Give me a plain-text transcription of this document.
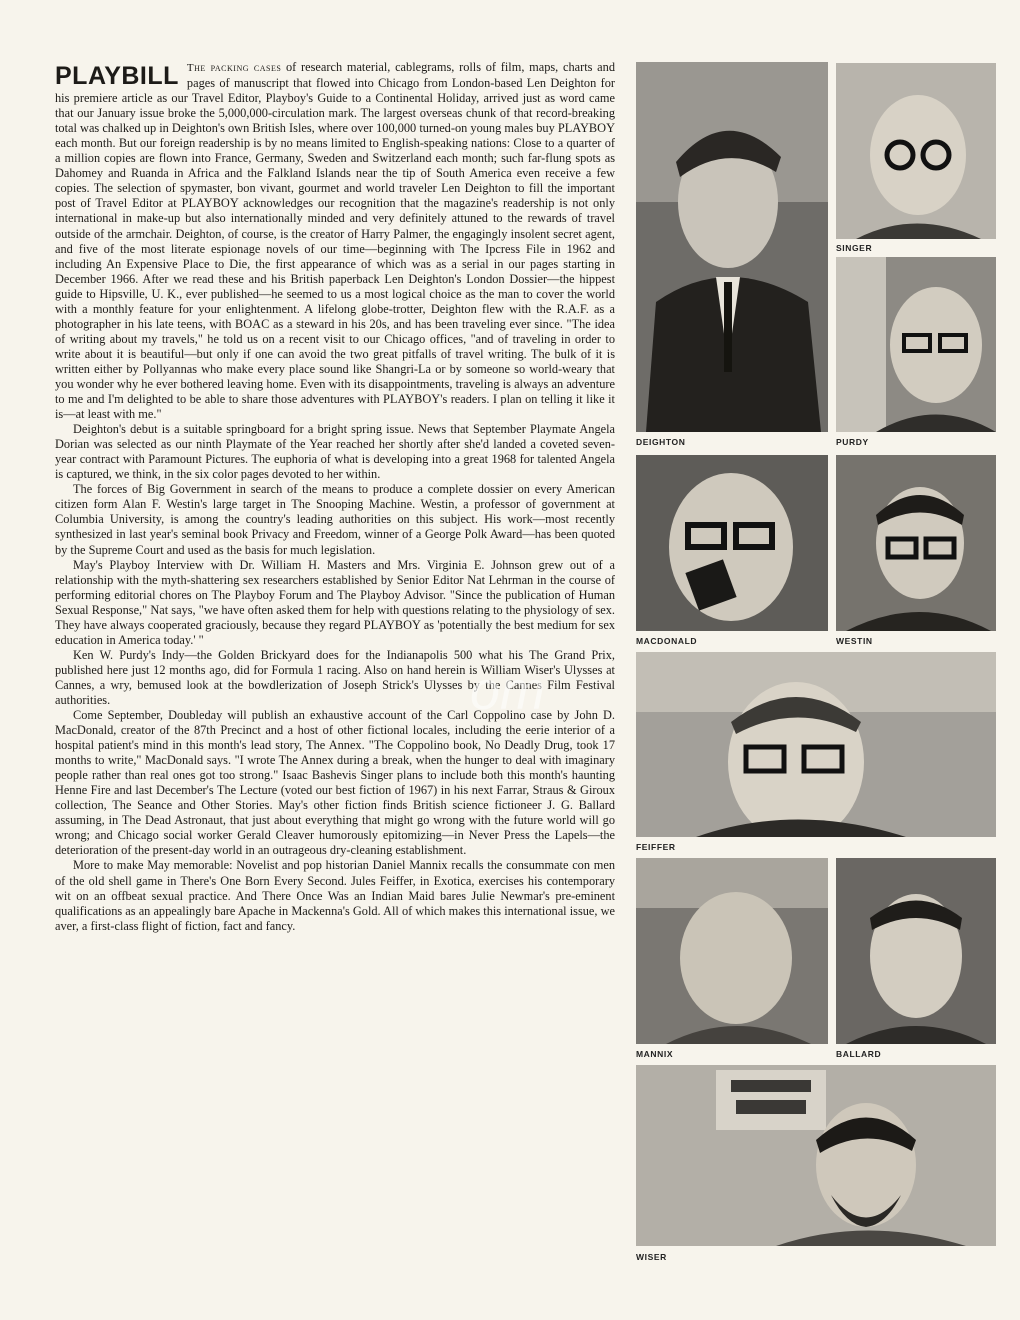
PLAYBILL The packing cases of research material, cablegrams, rolls of film, maps, charts and pages of manuscript that flowed into Chicago from London-based Len Deighton for his premiere article as our Travel Editor, Playboy's Guide to a Continental Holiday, arrived just as word came that our January issue broke the 5,000,000-circulation mark. The largest overseas chunk of that record-breaking total was chalked up in Deighton's own British Isles, where over 100,000 turned-on young males buy PLAYBOY each month. But our foreign readership is by no means limited to English-speaking nations: Close to a quarter of a million copies are flown into France, Germany, Sweden and Switzerland each month; such far-flung spots as Dahomey and Ruanda in Africa and the Falkland Islands near the tip of South America even receive a few copies. The selection of spymaster, bon vivant, gourmet and world traveler Len Deighton to fill the important post of Travel Editor at PLAYBOY acknowledges our recognition that the magazine's readership is not only international in make-up but also internationally minded and very definitely attuned to the rewards of travel outside of the armchair. Deighton, of course, is the creator of Harry Palmer, the engagingly insolent secret agent, and five of the most literate espionage novels of our time—beginning with The Ipcress File in 1962 and including An Expensive Place to Die, the first appearance of which was as a serial in our pages starting in December 1966. After we read these and his British paperback Len Deighton's London Dossier—the hippest guide to Hipsville, U. K., ever published—he seemed to us a most logical choice as the man to cover the world with a monthly feature for your enlightenment. A lifelong globe-trotter, Deighton flew with the R.A.F. as a photographer in his late teens, with BOAC as a steward in his 20s, and has been traveling ever since. "The idea of writing about my travels," he told us on a recent visit to our Chicago offices, "and of traveling in order to write about it is beautiful—but only if one can avoid the two great pitfalls of travel writing. The bulk of it is written either by Pollyannas who make every place sound like Shangri-La or by someone so world-weary that you wonder why he ever bothered leaving home. Even with its disappointments, traveling is always an adventure to me and I'm delighted to be able to share those adventures with PLAYBOY's readers. I plan on telling it like it is—at least with me."

Deighton's debut is a suitable springboard for a bright spring issue. News that September Playmate Angela Dorian was selected as our ninth Playmate of the Year reached her shortly after she'd landed a coveted seven-year contract with Paramount Pictures. The euphoria of what is developing into a great 1968 for talented Angela is captured, we think, in the six color pages devoted to her within.

The forces of Big Government in search of the means to produce a complete dossier on every American citizen form Alan F. Westin's large target in The Snooping Machine. Westin, a professor of government at Columbia University, is among the country's leading authorities on this subject. His work—most recently synthesized in last year's seminal book Privacy and Freedom, winner of a George Polk Award—has been quoted by the Supreme Court and used as the basis for much legislation.

May's Playboy Interview with Dr. William H. Masters and Mrs. Virginia E. Johnson grew out of a relationship with the myth-shattering sex researchers established by Senior Editor Nat Lehrman in the course of performing editorial chores on The Playboy Forum and The Playboy Advisor. "Since the publication of Human Sexual Response," Nat says, "we have often asked them for help with questions relating to the physiology of sex. They have always cooperated graciously, because they regard PLAYBOY as 'potentially the best medium for sex education in America today.' "

Ken W. Purdy's Indy—the Golden Brickyard does for the Indianapolis 500 what his The Grand Prix, published here just 12 months ago, did for Formula 1 racing. Also on hand herein is William Wiser's Ulysses at Cannes, a wry, bemused look at the bowdlerization of Joseph Strick's Ulysses by the Cannes Film Festival authorities.

Come September, Doubleday will publish an exhaustive account of the Carl Coppolino case by John D. MacDonald, creator of the 87th Precinct and a host of other fictional locales, including the eerie interior of a hospital patient's mind in this month's lead story, The Annex. "The Coppolino book, No Deadly Drug, took 17 months to write," MacDonald says. "I wrote The Annex during a break, when the hunger to deal with imaginary people rather than real ones got too strong." Isaac Bashevis Singer plans to include both this month's haunting Henne Fire and last December's The Lecture (voted our best fiction of 1967) in his next Farrar, Straus & Giroux collection, The Seance and Other Stories. May's other fiction finds British science fictioneer J. G. Ballard assuming, in The Dead Astronaut, that just about everything that might go wrong with the future world will go wrong; and Chicago social worker Gerald Cleaver humorously epitomizing—in Never Press the Lapels—the deterioration of the present-day world in an outrageous dry-cleaning establishment.

More to make May memorable: Novelist and pop historian Daniel Mannix recalls the consummate con men of the old shell game in There's One Born Every Second. Jules Feiffer, in Exotica, exercises his contemporary wit on an offbeat sexual practice. And There Once Was an Indian Maid bares Julie Newmar's pre-eminent qualifications as an appealingly bare Apache in Mackenna's Gold. All of which makes this international issue, we aver, a first-class flight of fiction, fact and fancy.

DEIGHTON
SINGER
PURDY
MACDONALD	WESTIN
FEIFFER
MANNIX	BALLARD
WISER
om
